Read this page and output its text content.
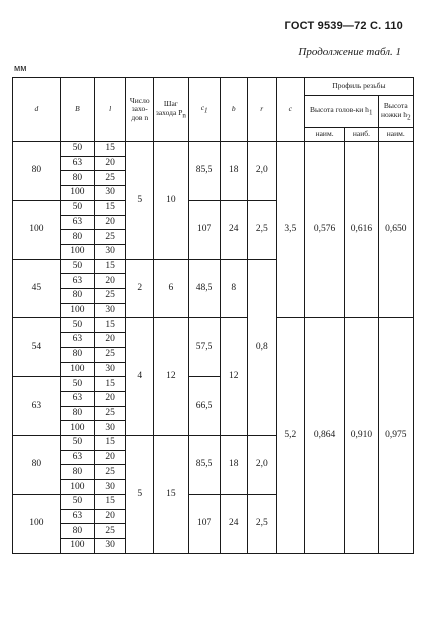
ГОСТ 9539—72 С. 110
Продолжение табл. 1
мм
d	B	l	Число захо-дов n	Шаг захода $P_n$	$c_1$	b	r	c	Профиль резьбы		
									Высота голов-ки $h_1$		Высота ножки $h_2$
									наим.	наиб.	наим.
80	50	15	5	10	85,5	18	2,0	3,5	0,576	0,616	0,650
	63	20									
	80	25									
	100	30									
100	50	15			107	24	2,5				
	63	20									
	80	25									
	100	30									
45	50	15	2	6	48,5	8	0,8				
	63	20									
	80	25									
	100	30									
54	50	15	4	12	57,5	12		5,2	0,864	0,910	0,975
	63	20									
	80	25									
	100	30									
63	50	15			66,5						
	63	20									
	80	25									
	100	30									
80	50	15	5	15	85,5	18	2,0				
	63	20									
	80	25									
	100	30									
100	50	15			107	24	2,5				
	63	20									
	80	25									
	100	30									
